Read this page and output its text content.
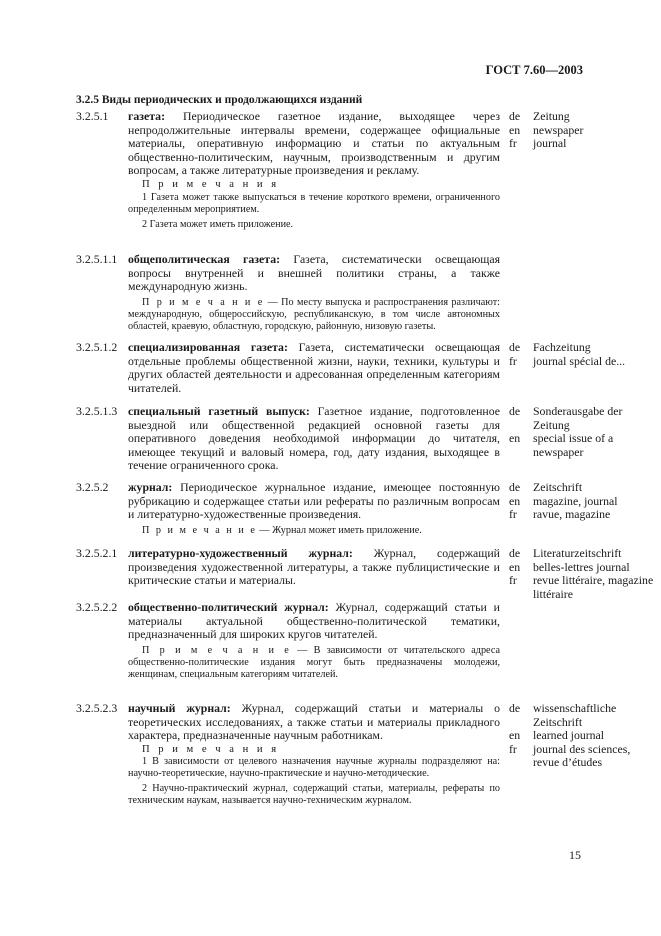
ГОСТ 7.60—2003
3.2.5 Виды периодических и продолжающихся изданий
3.2.5.1 газета: Периодическое газетное издание, выходящее через непродолжительные интервалы времени, содержащее официальные материалы, оперативную информацию и статьи по актуальным общественно-политическим, научным, производственным и другим вопросам, а также литературные произведения и рекламу.

П р и м е ч а н и я

1 Газета может также выпускаться в течение короткого времени, ограниченного определенным мероприятием.

2 Газета может иметь приложение.

de
en
fr
Zeitung
newspaper
journal
3.2.5.1.1 общеполитическая газета: Газета, систематически освещающая вопросы внутренней и внешней политики страны, а также международную жизнь.

П р и м е ч а н и е — По месту выпуска и распространения различают: международную, общероссийскую, республиканскую, в том числе автономных областей, краевую, областную, городскую, районную, низовую газеты.

3.2.5.1.2 специализированная газета: Газета, систематически освещающая отдельные проблемы общественной жизни, науки, техники, культуры и других областей деятельности и адресованная определенным категориям читателей.

de
fr
Fachzeitung
journal spécial de...
3.2.5.1.3 специальный газетный выпуск: Газетное издание, подготовленное выездной или общественной редакцией основной газеты для оперативного доведения необходимой информации до читателя, имеющее текущий и валовый номера, год, дату издания, выходящее в течение ограниченного срока.

de

en
Sonderausgabe der
Zeitung
special issue of a
newspaper
3.2.5.2 журнал: Периодическое журнальное издание, имеющее постоянную рубрикацию и содержащее статьи или рефераты по различным вопросам и литературно-художественные произведения.

П р и м е ч а н и е — Журнал может иметь приложение.

de
en
fr
Zeitschrift
magazine, journal
ravue, magazine
3.2.5.2.1 литературно-художественный журнал: Журнал, содержащий произведения художественной литературы, а также публицистические и критические статьи и материалы.

de
en
fr
Literaturzeitschrift
belles-lettres journal
revue littéraire, magazine
littéraire
3.2.5.2.2 общественно-политический журнал: Журнал, содержащий статьи и материалы актуальной общественно-политической тематики, предназначенный для широких кругов читателей.

П р и м е ч а н и е — В зависимости от читательского адреса общественно-политические издания могут быть предназначены молодежи, женщинам, специальным категориям читателей.

3.2.5.2.3 научный журнал: Журнал, содержащий статьи и материалы о теоретических исследованиях, а также статьи и материалы прикладного характера, предназначенные научным работникам.

П р и м е ч а н и я

1 В зависимости от целевого назначения научные журналы подразделяют на: научно-теоретические, научно-практические и научно-методические.

2 Научно-практический журнал, содержащий статьи, материалы, рефераты по техническим наукам, называется научно-техническим журналом.

de

en
fr
wissenschaftliche
Zeitschrift
learned journal
journal des sciences,
revue d’études
15
